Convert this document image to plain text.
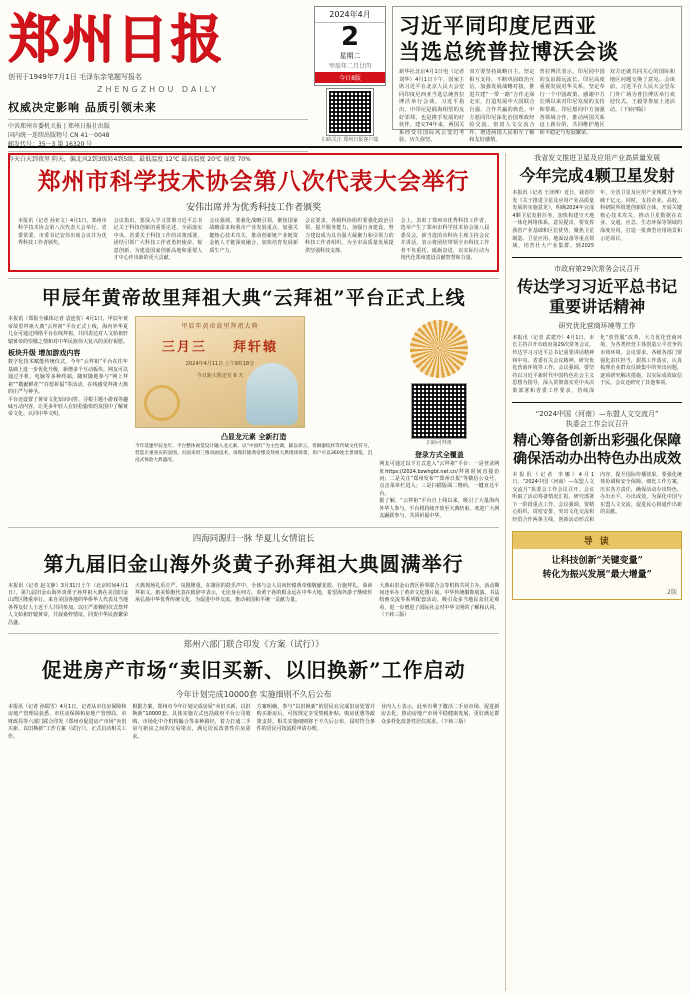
郑州日报
创刊于1949年7月1日 毛泽东亲笔题写报名
ZHENGZHOU DAILY
权威决定影响 品质引领未来
中共郑州市委机关报 | 郑州日报社出版
国内统一连续出版物号 CN 41－0048
邮发代号：35－3 第 16320 号
今天白天到夜里 阴天，偏北风2到3级转4到5级，最低温度 12℃ 最高温度 20℃ 湿度 70%
2024年4月
2
星期二
甲辰年二月廿四
今日8版
扫码关注 郑州日报客户端
习近平同印度尼西亚
当选总统普拉博沃会谈
新华社北京4月1日电（记者刘华）4月1日下午，国家主席习近平在北京人民大会堂同印度尼西亚当选总统普拉博沃举行会谈。习近平指出，中印尼是隔海相望的友好邻邦，也是携手发展的好伙伴。建交74年来，两国关系经受住国际风云变幻考验，历久弥坚。
双方要坚持战略自主，坚定相互支持，不断巩固政治互信，加强发展战略对接，推进共建“一带一路”合作走深走实，打造发展中大国联合自强、合作共赢的典范。中方愿同印尼深化治国理政经验交流，密切人文交流合作，增进两国人民相互了解和友好感情。
普拉博沃表示，印尼同中国的友谊源远流长，印尼高度重视发展对华关系，坚定奉行一个中国政策。感谢中方长期以来对印尼发展的支持和帮助。印尼愿同中方加强各领域合作，推动两国关系迈上新台阶，共同维护地区和平稳定与发展繁荣。
双方还就共同关心的国际和地区问题交换了意见。会谈前，习近平在人民大会堂东门外广场为普拉博沃举行欢迎仪式。王毅等参加上述活动。（下转四版）
郑州市科学技术协会第八次代表大会举行
安伟出席并为优秀科技工作者颁奖
本报讯（记者 孙亚文）4月1日，郑州市科学技术协会第八次代表大会举行。省委常委、市委书记安伟出席会议并为优秀科技工作者颁奖。
会议指出，要深入学习贯彻习近平总书记关于科技创新的重要论述，全面落实中央、省委关于科技工作的决策部署，团结引领广大科技工作者勇担使命、锐意创新，为建设国家创新高地和重要人才中心作出新的更大贡献。
会议强调，要强化战略引领，聚焦国家战略需求和我市产业发展重点，加强关键核心技术攻关，推动创新链产业链资金链人才链深度融合，加快培育发展新质生产力。
会议要求，各级科协组织要强化政治引领，提升服务能力，加强自身建设，努力建设成为具有强大凝聚力和引领力的科技工作者组织，为全市高质量发展提供坚强科技支撑。
会上，表彰了郑州市优秀科技工作者，选举产生了郑州市科学技术协会第八届委员会。新当选的市科协主席主持会议并讲话，表示将团结带领全市科技工作者不负重托、砥砺奋进，以实际行动为现代化郑州建设贡献智慧和力量。
甲辰年黄帝故里拜祖大典“云拜祖”平台正式上线
本报讯（郑报全媒体记者 袁连贺）4月1日，甲辰年黄帝故里拜祖大典“云拜祖”平台正式上线，海内外华夏儿女可通过网络平台在线拜祖，共同表达对人文始祖轩辕黄帝的崇敬之情和对中华民族伟大复兴的美好祝愿。
板块升级 增加游戏内容
数字化技术赋能传统仪式，今年“云拜祖”平台在往年基础上进一步优化升级，新增多个互动板块。网友可以通过手机、电脑等多种终端，随时随地参与“网上拜祖”“敬献鲜花”“许愿祈福”等活动，在线感受拜祖大典的庄严与神圣。
平台还设置了黄帝文化知识问答、寻根主题小游戏等趣味互动内容，让更多年轻人在轻松愉快的氛围中了解黄帝文化、认同中华文明。
甲辰年黄帝故里拜祖大典
三月三 拜轩辕
2024年4月11日 上午9时18分
今日距大典还有 9 天
凸显龙元素 全新打造
今年适逢甲辰龙年，平台整体视觉设计融入龙元素，以“中国红”为主色调，辅以祥云、青铜器纹样等传统文化符号，营造庄重喜庆的氛围。页面采用三维动画技术，再现轩辕黄帝像及拜祖大典现场场景，用户可以360度全景浏览，沉浸式体验大典盛况。
扫码可拜祖
登录方式全覆盖
网友可通过以下方式进入“云拜祖”平台：一是登录网址https://2024.bzwhgbt.net.cn/拜祖时间直接访问；二是关注“郑州发布”“郑州日报”等微信公众号，点击菜单栏进入；三是扫描版面二维码，一键直达平台。
据了解，“云拜祖”平台自上线以来，吸引了大量海内外华人参与。平台将持续开放至大典结束，欢迎广大网友踊跃参与，共同祈福中华。
四海同源归一脉 华夏儿女情谊长
第九届旧金山海外炎黄子孙拜祖大典圆满举行
本报讯（记者 赵文静）3月31日上午（北京时间4月1日），第九届旧金山海外炎黄子孙拜祖大典在美国旧金山湾区隆重举行。来自美国各地的华侨华人代表及当地各界友好人士近千人共同参加，以庄严肃穆的仪式祭拜人文始祖轩辕黄帝，共叙桑梓情谊，同贺中华民族繁荣昌盛。
大典现场礼乐庄严、氛围隆重。在雄浑的鼓乐声中，全体与会人员向轩辕黄帝像敬献花篮、行施拜礼，恭读拜祖文。旅美侨胞代表在致辞中表示，无论身在何方，炎黄子孙的根永远在中华大地，希望海外游子继续传承弘扬中华优秀传统文化，为促进中外交流、推动祖国和平统一贡献力量。
大典由旧金山湾区侨界联合会等机构共同主办。活动期间还举办了黄帝文化图片展、中华传统服饰展演、书法绘画交流等系列配套活动，吸引众多当地民众驻足观看，进一步增进了国际社会对中华文明的了解和认同。（下转三版）
郑州六部门联合印发《方案（试行）》
促进房产市场“卖旧买新、以旧换新”工作启动
今年计划完成10000套 实施细则不久后公布
本报讯（记者 孙瑞雪）4月1日，记者从市住房保障和房地产管理局获悉，市住房保障和房地产管理局、市财政局等六部门联合印发《郑州市促进房产市场“卖旧买新、以旧换新”工作方案（试行）》，正式启动相关工作。
根据方案，郑州市今年计划完成房屋“卖旧买新、以旧换新”10000套。具体实施方式包括政府平台公司收购、市场化中介机构撮合等多种路径，着力打通二手房与新房之间的交易堵点，满足居民改善性住房需求。
方案明确，参与“以旧换新”的居民在完成旧房处置并购买新房后，可按规定享受契税补贴、购房优惠等政策支持。相关实施细则将于不久后公布，届时符合条件的居民可按流程申请办理。
业内人士表示，此举有利于激活二手房市场、促进新房去化，推动房地产市场平稳健康发展，更好满足群众多样化改善性居住需求。（下转三版）
我省发文推进卫星及应用产业高质量发展
今年完成4颗卫星发射
本报讯（记者 王译博）近日，我省印发《关于推进卫星及应用产业高质量发展的实施意见》，明确2024年完成4颗卫星发射任务，加快构建空天地一体化网络体系。意见提出，要发挥我省产业基础和区位优势，聚焦卫星制造、卫星应用、地面设备等重点领域，培育壮大产业集群。到2025年，全省卫星及应用产业规模力争突破千亿元。同时，支持企业、高校、科研院所组建创新联合体，开展关键核心技术攻关，推动卫星数据在农业、交通、应急、生态环保等领域的深度应用，打造一批典型应用场景和示范项目。
市政府第29次常务会议召开
传达学习习近平总书记
重要讲话精神
研究优化营商环境等工作
本报讯（记者 武建玲）4月1日，市长主持召开市政府第29次常务会议，传达学习习近平总书记重要讲话精神和中央、省委有关会议精神，研究优化营商环境等工作。会议强调，要坚持以习近平新时代中国特色社会主义思想为指导，深入贯彻落实党中央决策部署和省委工作要求，持续深化“放管服”改革，大力优化营商环境，为各类经营主体创造公平竞争的市场环境。会议要求，各级各部门要强化责任担当，狠抓工作落实，认真梳理企业群众反映集中的突出问题，逐项研究解决措施，以实际成效取信于民。会议还研究了其他事项。
“2024中国（河南）—东盟人文交流月”
执委会工作会议召开
精心筹备创新出彩强化保障
确保活动办出特色办出成效
本报讯（记者 李娜）4月1日，“2024中国（河南）—东盟人文交流月”执委会工作会议召开。会议听取了活动筹备情况汇报，研究部署下一阶段重点工作。会议强调，要精心组织、周密安排，突出文化交流和经贸合作两条主线，创新活动形式和内容，提升国际传播效果。要强化统筹协调和安全保障，细化工作方案，压实各方责任，确保活动办出特色、办出水平、办出成效，为深化中国与东盟人文交流、促进民心相通作出新的贡献。
导 读
让科技创新“关键变量”
转化为振兴发展“最大增量”
2版
